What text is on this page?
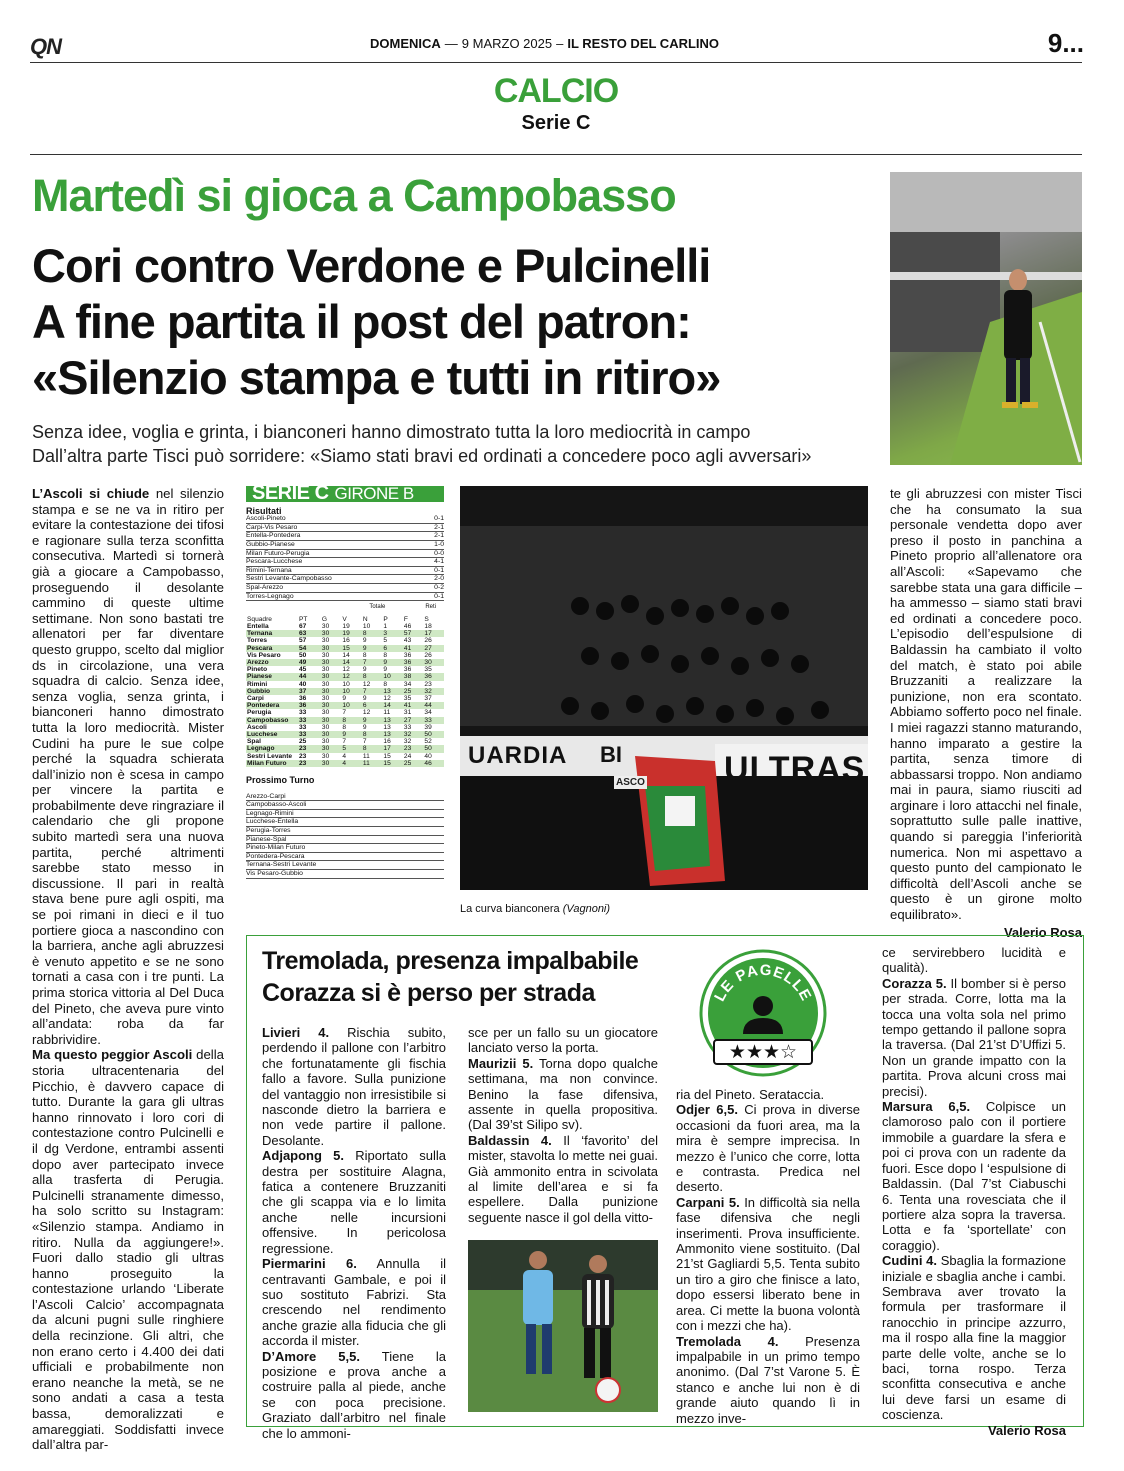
QN	DOMENICA — 9 MARZO 2025 – IL RESTO DEL CARLINO	9...
CALCIO
Serie C
Martedì si gioca a Campobasso
Cori contro Verdone e Pulcinelli
A fine partita il post del patron:
«Silenzio stampa e tutti in ritiro»
Senza idee, voglia e grinta, i bianconeri hanno dimostrato tutta la loro mediocrità in campo
Dall’altra parte Tisci può sorridere: «Siamo stati bravi ed ordinati a concedere poco agli avversari»
L’Ascoli si chiude nel silenzio stampa e se ne va in ritiro per evitare la contestazione dei tifosi e ragionare sulla terza sconfitta consecutiva. Martedì si tornerà già a giocare a Campobasso, proseguendo il desolante cammino di queste ultime settimane. Non sono bastati tre allenatori per far diventare questo gruppo, scelto dal miglior ds in circolazione, una vera squadra di calcio. Senza idee, senza voglia, senza grinta, i bianconeri hanno dimostrato tutta la loro mediocrità. Mister Cudini ha pure le sue colpe perché la squadra schierata dall’inizio non è scesa in campo per vincere la partita e probabilmente deve ringraziare il calendario che gli propone subito martedì sera una nuova partita, perché altrimenti sarebbe stato messo in discussione. Il pari in realtà stava bene pure agli ospiti, ma se poi rimani in dieci e il tuo portiere gioca a nascondino con la barriera, anche agli abruzzesi è venuto appetito e se ne sono tornati a casa con i tre punti. La prima storica vittoria al Del Duca del Pineto, che aveva pure vinto all’andata: roba da far rabbrividire.
Ma questo peggior Ascoli della storia ultracentenaria del Picchio, è davvero capace di tutto. Durante la gara gli ultras hanno rinnovato i loro cori di contestazione contro Pulcinelli e il dg Verdone, entrambi assenti dopo aver partecipato invece alla trasferta di Perugia. Pulcinelli stranamente dimesso, ha solo scritto su Instagram: «Silenzio stampa. Andiamo in ritiro. Nulla da aggiungere!». Fuori dallo stadio gli ultras hanno proseguito la contestazione urlando ‘Liberate l’Ascoli Calcio’ accompagnata da alcuni pugni sulle ringhiere della recinzione. Gli altri, che non erano certo i 4.400 dei dati ufficiali e probabilmente non erano neanche la metà, se ne sono andati a casa a testa bassa, demoralizzati e amareggiati. Soddisfatti invece dall’altra par-
SERIE C GIRONE B
Risultati
Ascoli-Pineto	0-1
Carpi-Vis Pesaro	2-1
Entella-Pontedera	2-1
Gubbio-Pianese	1-0
Milan Futuro-Perugia	0-0
Pescara-Lucchese	4-1
Rimini-Ternana	0-1
Sestri Levante-Campobasso	2-0
Spal-Arezzo	0-2
Torres-Legnago	0-1
Totale	Reti
Squadre	PT	G	V	N	P	F	S
Entella	67	30	19	10	1	46	18
Ternana	63	30	19	8	3	57	17
Torres	57	30	16	9	5	43	26
Pescara	54	30	15	9	6	41	27
Vis Pesaro	50	30	14	8	8	36	26
Arezzo	49	30	14	7	9	36	30
Pineto	45	30	12	9	9	36	35
Pianese	44	30	12	8	10	38	36
Rimini	40	30	10	12	8	34	23
Gubbio	37	30	10	7	13	25	32
Carpi	36	30	9	9	12	35	37
Pontedera	36	30	10	6	14	41	44
Perugia	33	30	7	12	11	31	34
Campobasso	33	30	8	9	13	27	33
Ascoli	33	30	8	9	13	33	39
Lucchese	33	30	9	8	13	32	50
Spal	25	30	7	7	16	32	52
Legnago	23	30	5	8	17	23	50
Sestri Levante	23	30	4	11	15	24	40
Milan Futuro	23	30	4	11	15	25	46
Prossimo Turno
Arezzo-Carpi
Campobasso-Ascoli
Legnago-Rimini
Lucchese-Entella
Perugia-Torres
Pianese-Spal
Pineto-Milan Futuro
Pontedera-Pescara
Ternana-Sestri Levante
Vis Pesaro-Gubbio
UARDIA BI	ULTRAS
ASCO
La curva bianconera (Vagnoni)
te gli abruzzesi con mister Tisci che ha consumato la sua personale vendetta dopo aver preso il posto in panchina a Pineto proprio all’allenatore ora all’Ascoli: «Sapevamo che sarebbe stata una gara difficile – ha ammesso – siamo stati bravi ed ordinati a concedere poco. L’episodio dell’espulsione di Baldassin ha cambiato il volto del match, è stato poi abile Bruzzaniti a realizzare la punizione, non era scontato. Abbiamo sofferto poco nel finale. I miei ragazzi stanno maturando, hanno imparato a gestire la partita, senza timore di abbassarsi troppo. Non andiamo mai in paura, siamo riusciti ad arginare i loro attacchi nel finale, soprattutto sulle palle inattive, quando si pareggia l’inferiorità numerica. Non mi aspettavo a questo punto del campionato le difficoltà dell’Ascoli anche se questo è un girone molto equilibrato».
Valerio Rosa
Tremolada, presenza impalbabile
Corazza si è perso per strada	LE PAGELLE
★★★☆
Livieri 4. Rischia subito, perdendo il pallone con l’arbitro che fortunatamente gli fischia fallo a favore. Sulla punizione del vantaggio non irresistibile si nasconde dietro la barriera e non vede partire il pallone. Desolante.
Adjapong 5. Riportato sulla destra per sostituire Alagna, fatica a contenere Bruzzaniti che gli scappa via e lo limita anche nelle incursioni offensive. In pericolosa regressione.
Piermarini 6. Annulla il centravanti Gambale, e poi il suo sostituto Fabrizi. Sta crescendo nel rendimento anche grazie alla fiducia che gli accorda il mister.
D’Amore 5,5. Tiene la posizione e prova anche a costruire palla al piede, anche se con poca precisione. Graziato dall’arbitro nel finale che lo ammoni-
sce per un fallo su un giocatore lanciato verso la porta.
Maurizii 5. Torna dopo qualche settimana, ma non convince. Benino la fase difensiva, assente in quella propositiva. (Dal 39’st Silipo sv).
Baldassin 4. Il ‘favorito’ del mister, stavolta lo mette nei guai. Già ammonito entra in scivolata al limite dell’area e si fa espellere. Dalla punizione seguente nasce il gol della vitto-
ria del Pineto. Serataccia.
Odjer 6,5. Ci prova in diverse occasioni da fuori area, ma la mira è sempre imprecisa. In mezzo è l’unico che corre, lotta e contrasta. Predica nel deserto.
Carpani 5. In difficoltà sia nella fase difensiva che negli inserimenti. Prova insufficiente. Ammonito viene sostituito. (Dal 21’st Gagliardi 5,5. Tenta subito un tiro a giro che finisce a lato, dopo essersi liberato bene in area. Ci mette la buona volontà con i mezzi che ha).
Tremolada 4. Presenza impalpabile in un primo tempo anonimo. (Dal 7’st Varone 5. È stanco e anche lui non è di grande aiuto quando lì in mezzo inve-
ce servirebbero lucidità e qualità).
Corazza 5. Il bomber si è perso per strada. Corre, lotta ma la tocca una volta sola nel primo tempo gettando il pallone sopra la traversa. (Dal 21’st D’Uffizi 5. Non un grande impatto con la partita. Prova alcuni cross mai precisi).
Marsura 6,5. Colpisce un clamoroso palo con il portiere immobile a guardare la sfera e poi ci prova con un radente da fuori. Esce dopo l ‘espulsione di Baldassin. (Dal 7’st Ciabuschi 6. Tenta una rovesciata che il portiere alza sopra la traversa. Lotta e fa ‘sportellate’ con coraggio).
Cudini 4. Sbaglia la formazione iniziale e sbaglia anche i cambi. Sembrava aver trovato la formula per trasformare il ranocchio in principe azzurro, ma il rospo alla fine la maggior parte delle volte, anche se lo baci, torna rospo. Terza sconfitta consecutiva e anche lui deve farsi un esame di coscienza.
Valerio Rosa
